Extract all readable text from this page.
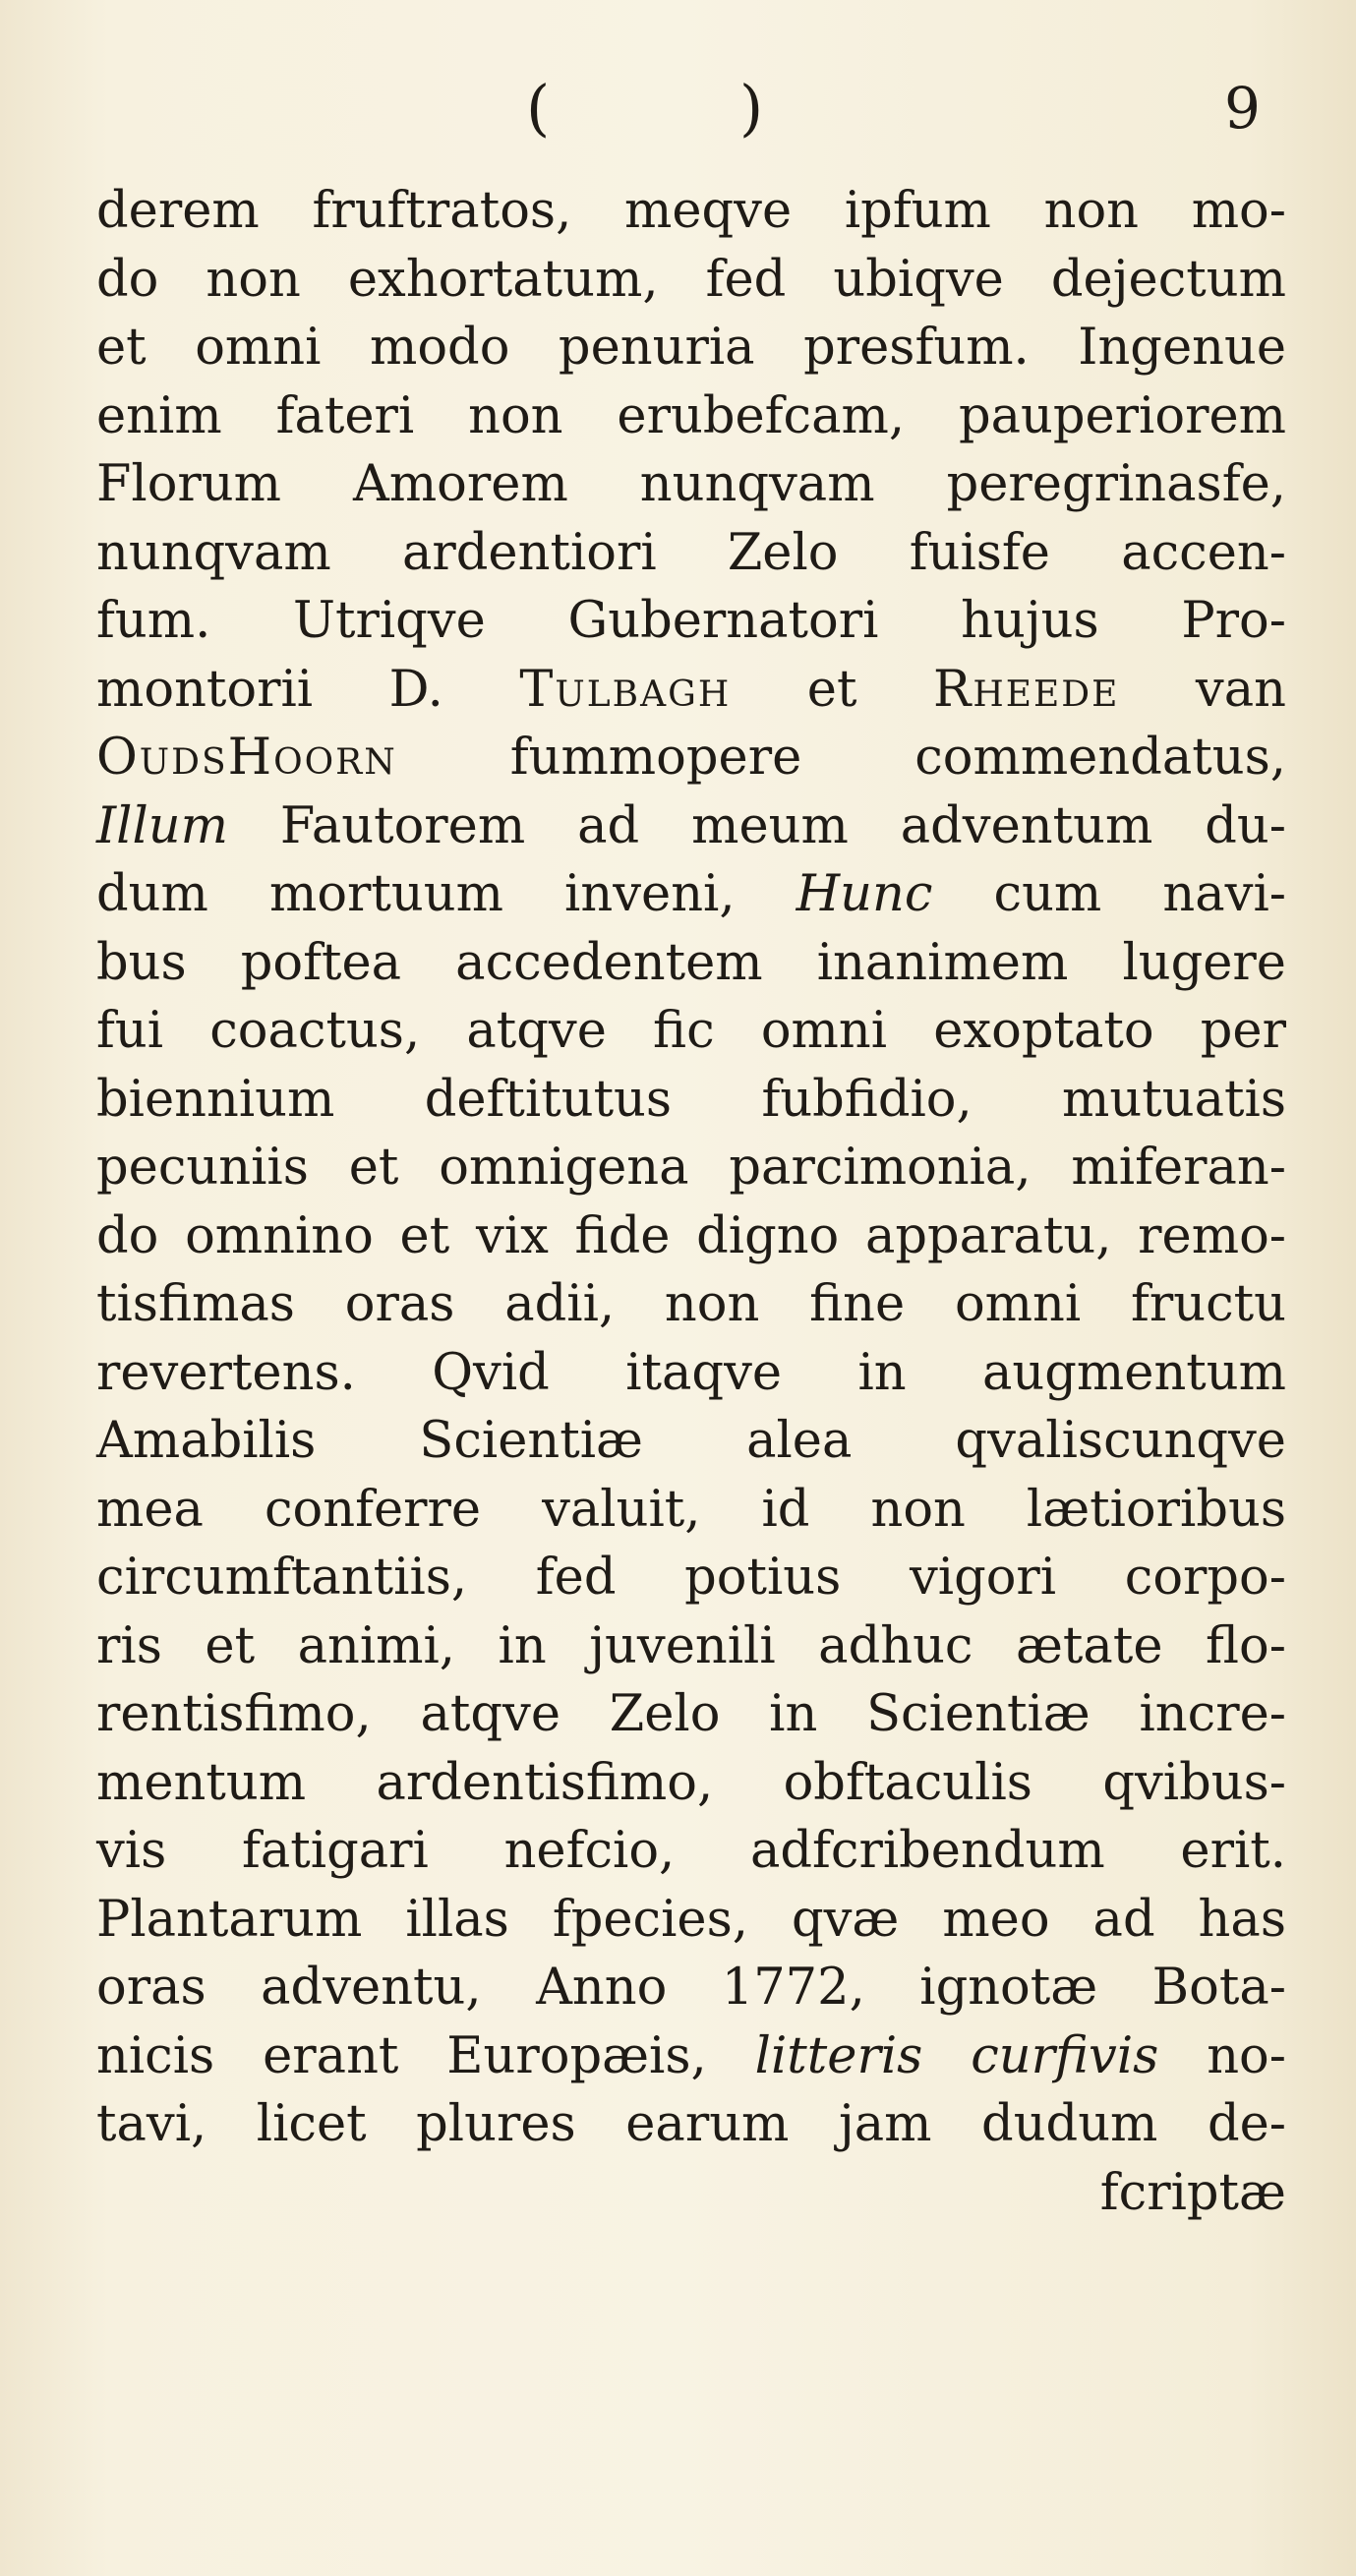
(	)	9
derem fruftratos, meqve ipfum non mo-
do non exhortatum, fed ubiqve dejectum
et omni modo penuria presfum. Ingenue
enim fateri non erubefcam, pauperiorem
Florum Amorem nunqvam peregrinasfe,
nunqvam ardentiori Zelo fuisfe accen-
fum. Utriqve Gubernatori hujus Pro-
montorii D. Tulbagh et Rheede van
OudsHoorn fummopere commendatus,
Illum Fautorem ad meum adventum du-
dum mortuum inveni, Hunc cum navi-
bus poftea accedentem inanimem lugere
fui coactus, atqve fic omni exoptato per
biennium deftitutus fubfidio, mutuatis
pecuniis et omnigena parcimonia, miferan-
do omnino et vix fide digno apparatu, remo-
tisfimas oras adii, non fine omni fructu
revertens. Qvid itaqve in augmentum
Amabilis Scientiæ alea qvaliscunqve
mea conferre valuit, id non lætioribus
circumftantiis, fed potius vigori corpo-
ris et animi, in juvenili adhuc ætate flo-
rentisfimo, atqve Zelo in Scientiæ incre-
mentum ardentisfimo, obftaculis qvibus-
vis fatigari nefcio, adfcribendum erit.
Plantarum illas fpecies, qvæ meo ad has
oras adventu, Anno 1772, ignotæ Bota-
nicis erant Europæis, litteris curfivis no-
tavi, licet plures earum jam dudum de-
fcriptæ
